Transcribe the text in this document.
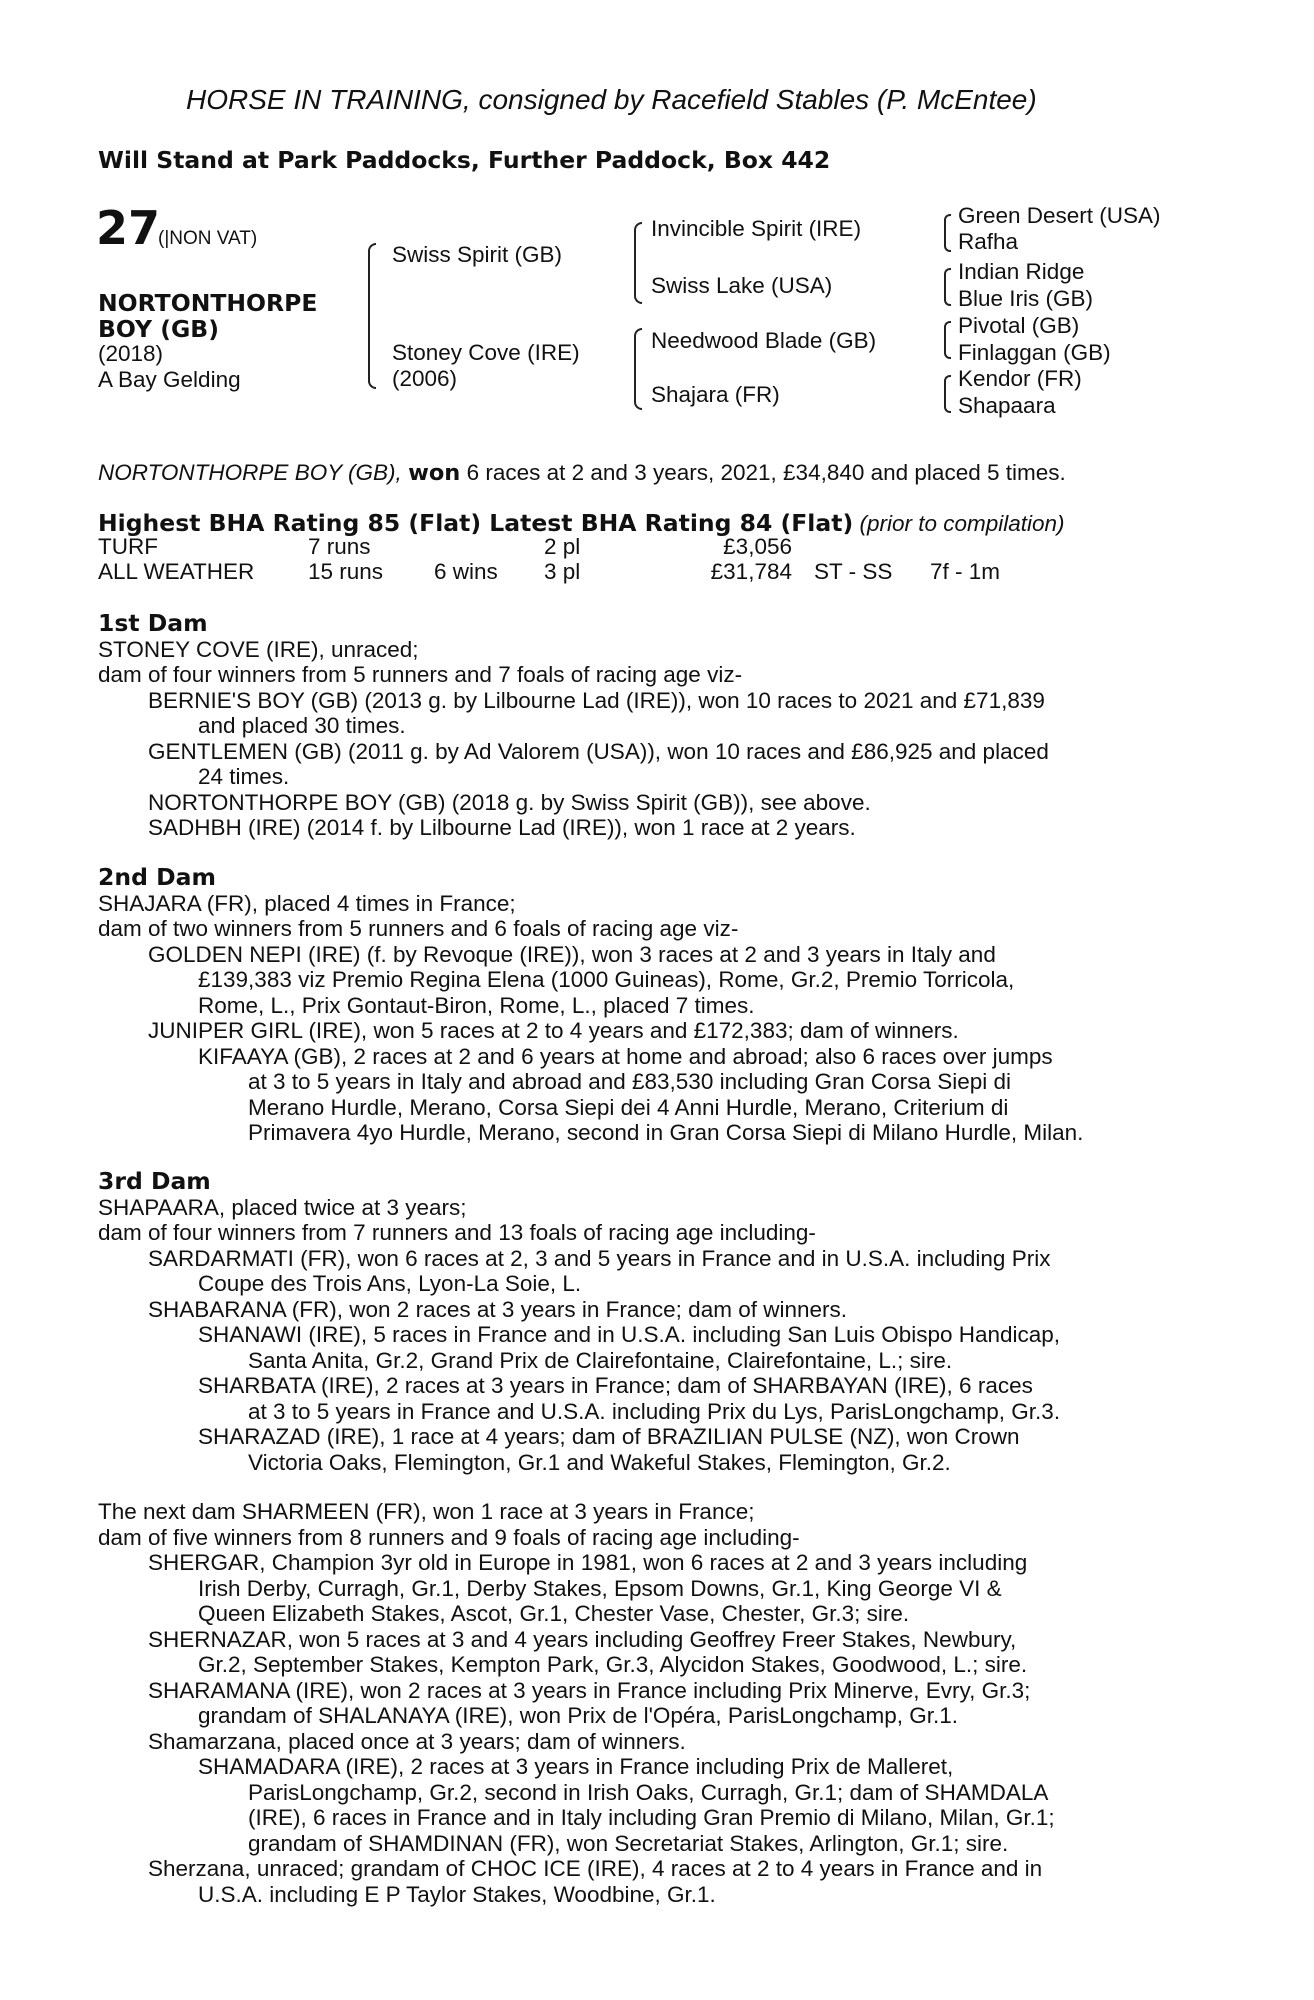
HORSE IN TRAINING, consigned by Racefield Stables (P. McEntee)
Will Stand at Park Paddocks, Further Paddock, Box 442
27
(|NON VAT)
NORTONTHORPE
BOY (GB)
(2018)
A Bay Gelding
Swiss Spirit (GB)
Stoney Cove (IRE)
(2006)
Invincible Spirit (IRE)
Swiss Lake (USA)
Needwood Blade (GB)
Shajara (FR)
Green Desert (USA)
Rafha
Indian Ridge
Blue Iris (GB)
Pivotal (GB)
Finlaggan (GB)
Kendor (FR)
Shapaara
NORTONTHORPE BOY (GB), won 6 races at 2 and 3 years, 2021, £34,840 and placed 5 times.
Highest BHA Rating 85 (Flat) Latest BHA Rating 84 (Flat) (prior to compilation)
TURF	7 runs		2 pl	£3,056		
ALL WEATHER	15 runs	6 wins	3 pl	£31,784	ST - SS	7f - 1m

1st Dam

STONEY COVE (IRE), unraced;

dam of four winners from 5 runners and 7 foals of racing age viz-

BERNIE'S BOY (GB) (2013 g. by Lilbourne Lad (IRE)), won 10 races to 2021 and £71,839

and placed 30 times.

GENTLEMEN (GB) (2011 g. by Ad Valorem (USA)), won 10 races and £86,925 and placed

24 times.

NORTONTHORPE BOY (GB) (2018 g. by Swiss Spirit (GB)), see above.

SADHBH (IRE) (2014 f. by Lilbourne Lad (IRE)), won 1 race at 2 years.

2nd Dam

SHAJARA (FR), placed 4 times in France;

dam of two winners from 5 runners and 6 foals of racing age viz-

GOLDEN NEPI (IRE) (f. by Revoque (IRE)), won 3 races at 2 and 3 years in Italy and

£139,383 viz Premio Regina Elena (1000 Guineas), Rome, Gr.2, Premio Torricola,

Rome, L., Prix Gontaut-Biron, Rome, L., placed 7 times.

JUNIPER GIRL (IRE), won 5 races at 2 to 4 years and £172,383; dam of winners.

KIFAAYA (GB), 2 races at 2 and 6 years at home and abroad; also 6 races over jumps

at 3 to 5 years in Italy and abroad and £83,530 including Gran Corsa Siepi di

Merano Hurdle, Merano, Corsa Siepi dei 4 Anni Hurdle, Merano, Criterium di

Primavera 4yo Hurdle, Merano, second in Gran Corsa Siepi di Milano Hurdle, Milan.

3rd Dam

SHAPAARA, placed twice at 3 years;

dam of four winners from 7 runners and 13 foals of racing age including-

SARDARMATI (FR), won 6 races at 2, 3 and 5 years in France and in U.S.A. including Prix

Coupe des Trois Ans, Lyon-La Soie, L.

SHABARANA (FR), won 2 races at 3 years in France; dam of winners.

SHANAWI (IRE), 5 races in France and in U.S.A. including San Luis Obispo Handicap,

Santa Anita, Gr.2, Grand Prix de Clairefontaine, Clairefontaine, L.; sire.

SHARBATA (IRE), 2 races at 3 years in France; dam of SHARBAYAN (IRE), 6 races

at 3 to 5 years in France and U.S.A. including Prix du Lys, ParisLongchamp, Gr.3.

SHARAZAD (IRE), 1 race at 4 years; dam of BRAZILIAN PULSE (NZ), won Crown

Victoria Oaks, Flemington, Gr.1 and Wakeful Stakes, Flemington, Gr.2.

The next dam SHARMEEN (FR), won 1 race at 3 years in France;

dam of five winners from 8 runners and 9 foals of racing age including-

SHERGAR, Champion 3yr old in Europe in 1981, won 6 races at 2 and 3 years including

Irish Derby, Curragh, Gr.1, Derby Stakes, Epsom Downs, Gr.1, King George VI &

Queen Elizabeth Stakes, Ascot, Gr.1, Chester Vase, Chester, Gr.3; sire.

SHERNAZAR, won 5 races at 3 and 4 years including Geoffrey Freer Stakes, Newbury,

Gr.2, September Stakes, Kempton Park, Gr.3, Alycidon Stakes, Goodwood, L.; sire.

SHARAMANA (IRE), won 2 races at 3 years in France including Prix Minerve, Evry, Gr.3;

grandam of SHALANAYA (IRE), won Prix de l'Opéra, ParisLongchamp, Gr.1.

Shamarzana, placed once at 3 years; dam of winners.

SHAMADARA (IRE), 2 races at 3 years in France including Prix de Malleret,

ParisLongchamp, Gr.2, second in Irish Oaks, Curragh, Gr.1; dam of SHAMDALA

(IRE), 6 races in France and in Italy including Gran Premio di Milano, Milan, Gr.1;

grandam of SHAMDINAN (FR), won Secretariat Stakes, Arlington, Gr.1; sire.

Sherzana, unraced; grandam of CHOC ICE (IRE), 4 races at 2 to 4 years in France and in

U.S.A. including E P Taylor Stakes, Woodbine, Gr.1.
